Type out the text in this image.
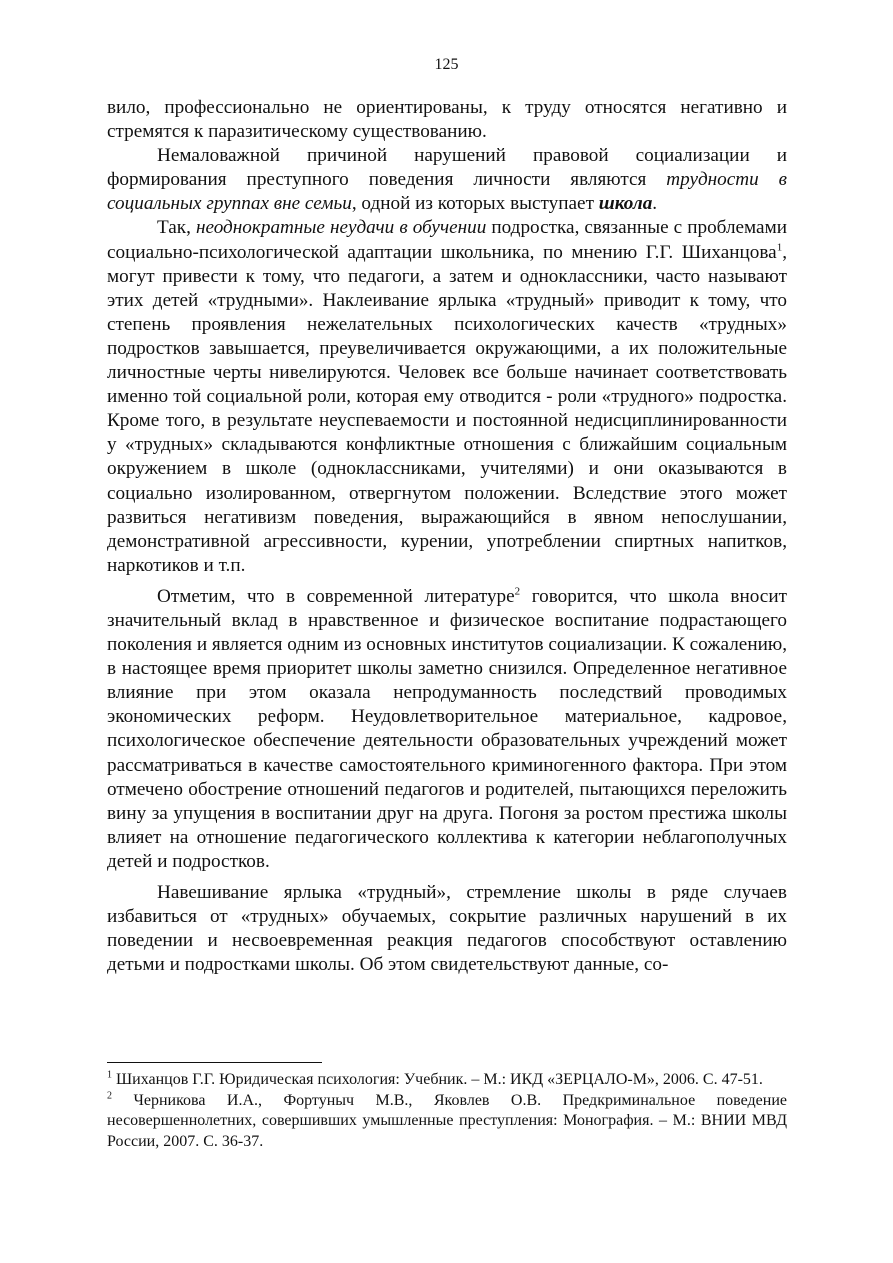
125

вило, профессионально не ориентированы, к труду относятся негативно и стремятся к паразитическому существованию.

Немаловажной причиной нарушений правовой социализации и формирования преступного поведения личности являются трудности в социальных группах вне семьи, одной из которых выступает школа.

Так, неоднократные неудачи в обучении подростка, связанные с проблемами социально-психологической адаптации школьника, по мнению Г.Г. Шиханцова$^1$, могут привести к тому, что педагоги, а затем и одноклассники, часто называют этих детей «трудными». Наклеивание ярлыка «трудный» приводит к тому, что степень проявления нежелательных психологических качеств «трудных» подростков завышается, преувеличивается окружающими, а их положительные личностные черты нивелируются. Человек все больше начинает соответствовать именно той социальной роли, которая ему отводится - роли «трудного» подростка. Кроме того, в результате неуспеваемости и постоянной недисциплинированности у «трудных» складываются конфликтные отношения с ближайшим социальным окружением в школе (одноклассниками, учителями) и они оказываются в социально изолированном, отвергнутом положении. Вследствие этого может развиться негативизм поведения, выражающийся в явном непослушании, демонстративной агрессивности, курении, употреблении спиртных напитков, наркотиков и т.п.

Отметим, что в современной литературе$^2$ говорится, что школа вносит значительный вклад в нравственное и физическое воспитание подрастающего поколения и является одним из основных институтов социализации. К сожалению, в настоящее время приоритет школы заметно снизился. Определенное негативное влияние при этом оказала непродуманность последствий проводимых экономических реформ. Неудовлетворительное материальное, кадровое, психологическое обеспечение деятельности образовательных учреждений может рассматриваться в качестве самостоятельного криминогенного фактора. При этом отмечено обострение отношений педагогов и родителей, пытающихся переложить вину за упущения в воспитании друг на друга. Погоня за ростом престижа школы влияет на отношение педагогического коллектива к категории неблагополучных детей и подростков.

Навешивание ярлыка «трудный», стремление школы в ряде случаев избавиться от «трудных» обучаемых, сокрытие различных нарушений в их поведении и несвоевременная реакция педагогов способствуют оставлению детьми и подростками школы. Об этом свидетельствуют данные, со-

$^1$ Шиханцов Г.Г. Юридическая психология: Учебник. – М.: ИКД «ЗЕРЦАЛО-М», 2006. С. 47-51.

$^2$ Черникова И.А., Фортуныч М.В., Яковлев О.В. Предкриминальное поведение несовершеннолетних, совершивших умышленные преступления: Монография. – М.: ВНИИ МВД России, 2007. С. 36-37.
